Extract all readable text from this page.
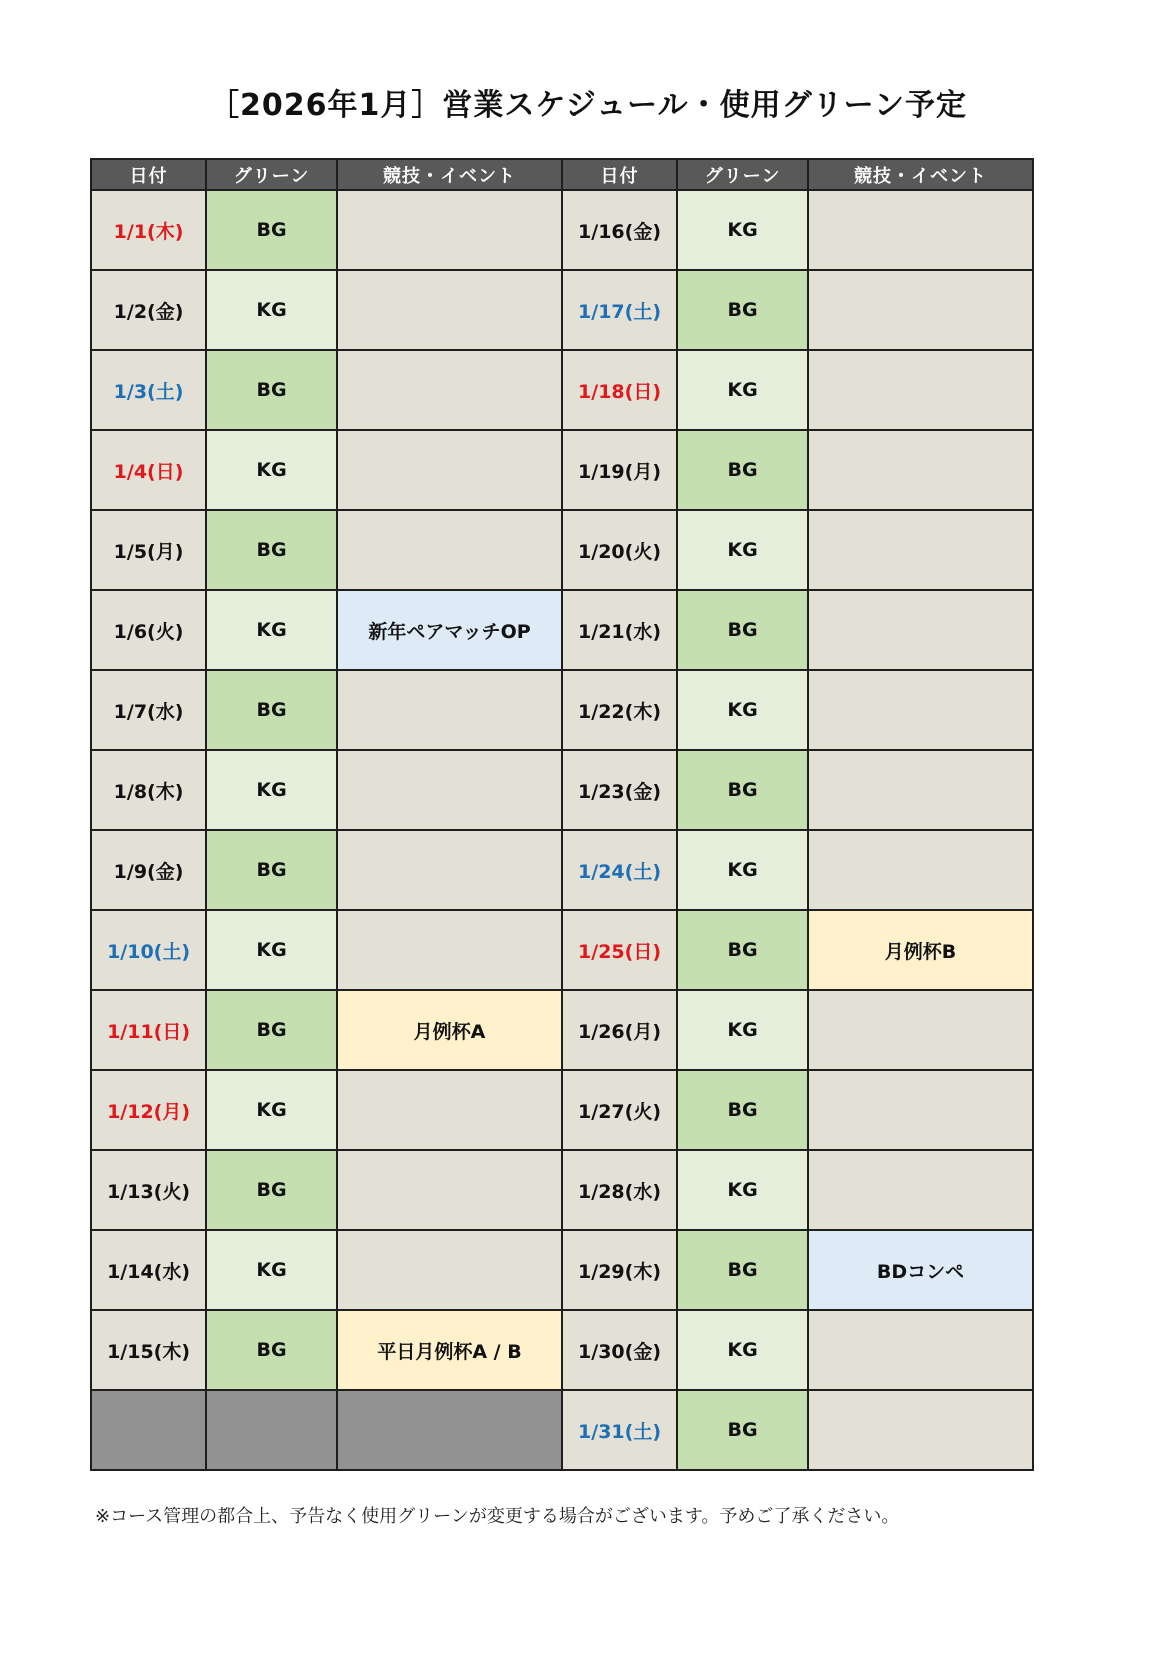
［2026年1月］営業スケジュール・使用グリーン予定
日付	グリーン	競技・イベント	日付	グリーン	競技・イベント
1/1(木)	BG		1/16(金)	KG	
1/2(金)	KG		1/17(土)	BG	
1/3(土)	BG		1/18(日)	KG	
1/4(日)	KG		1/19(月)	BG	
1/5(月)	BG		1/20(火)	KG	
1/6(火)	KG	新年ペアマッチOP	1/21(水)	BG	
1/7(水)	BG		1/22(木)	KG	
1/8(木)	KG		1/23(金)	BG	
1/9(金)	BG		1/24(土)	KG	
1/10(土)	KG		1/25(日)	BG	月例杯B
1/11(日)	BG	月例杯A	1/26(月)	KG	
1/12(月)	KG		1/27(火)	BG	
1/13(火)	BG		1/28(水)	KG	
1/14(水)	KG		1/29(木)	BG	BDコンペ
1/15(木)	BG	平日月例杯A / B	1/30(金)	KG	
			1/31(土)	BG	
※コース管理の都合上、予告なく使用グリーンが変更する場合がございます。予めご了承ください。
